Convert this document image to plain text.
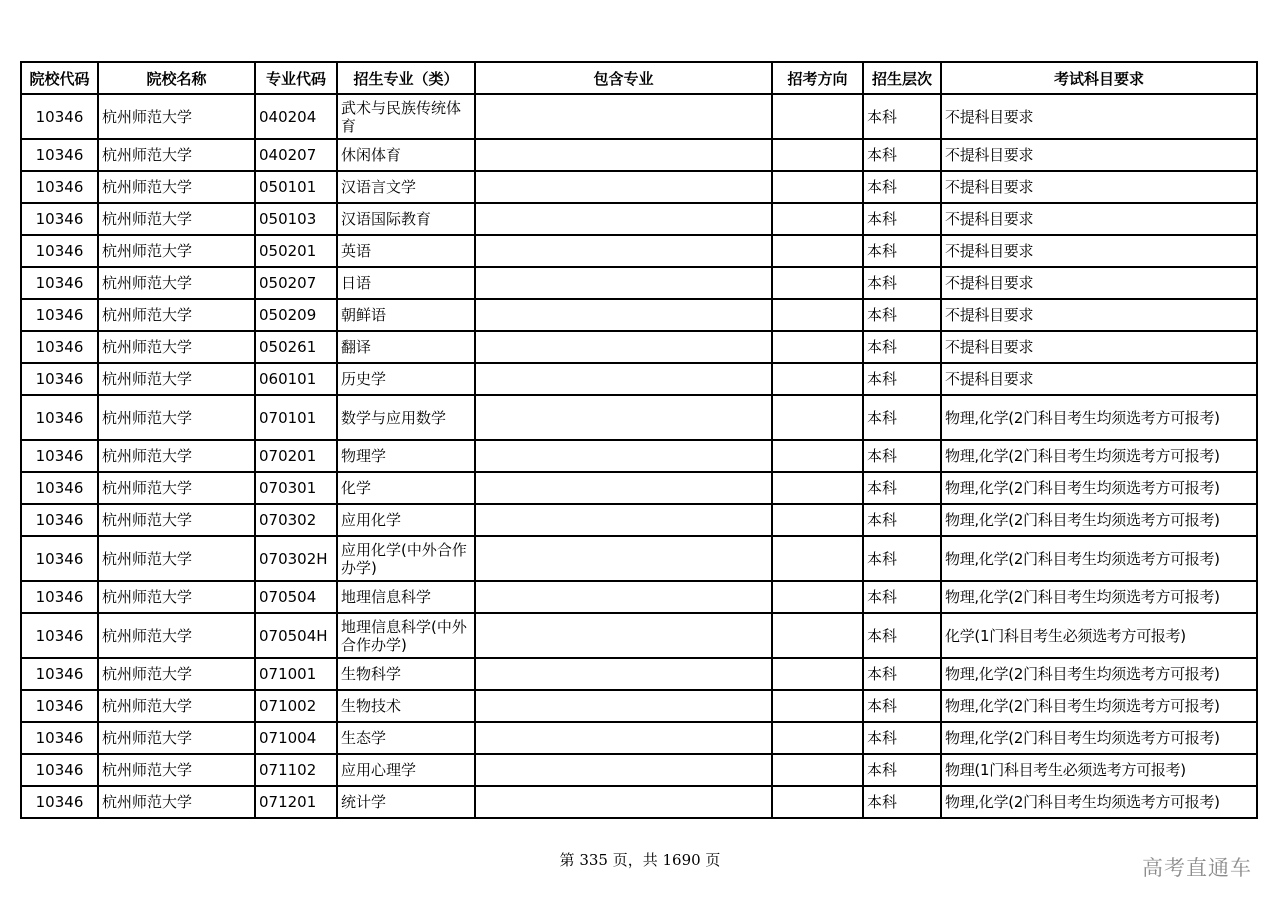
院校代码	院校名称	专业代码	招生专业（类）	包含专业	招考方向	招生层次	考试科目要求
10346	杭州师范大学	040204	武术与民族传统体育			本科	不提科目要求
10346	杭州师范大学	040207	休闲体育			本科	不提科目要求
10346	杭州师范大学	050101	汉语言文学			本科	不提科目要求
10346	杭州师范大学	050103	汉语国际教育			本科	不提科目要求
10346	杭州师范大学	050201	英语			本科	不提科目要求
10346	杭州师范大学	050207	日语			本科	不提科目要求
10346	杭州师范大学	050209	朝鲜语			本科	不提科目要求
10346	杭州师范大学	050261	翻译			本科	不提科目要求
10346	杭州师范大学	060101	历史学			本科	不提科目要求
10346	杭州师范大学	070101	数学与应用数学			本科	物理,化学(2门科目考生均须选考方可报考)
10346	杭州师范大学	070201	物理学			本科	物理,化学(2门科目考生均须选考方可报考)
10346	杭州师范大学	070301	化学			本科	物理,化学(2门科目考生均须选考方可报考)
10346	杭州师范大学	070302	应用化学			本科	物理,化学(2门科目考生均须选考方可报考)
10346	杭州师范大学	070302H	应用化学(中外合作办学)			本科	物理,化学(2门科目考生均须选考方可报考)
10346	杭州师范大学	070504	地理信息科学			本科	物理,化学(2门科目考生均须选考方可报考)
10346	杭州师范大学	070504H	地理信息科学(中外合作办学)			本科	化学(1门科目考生必须选考方可报考)
10346	杭州师范大学	071001	生物科学			本科	物理,化学(2门科目考生均须选考方可报考)
10346	杭州师范大学	071002	生物技术			本科	物理,化学(2门科目考生均须选考方可报考)
10346	杭州师范大学	071004	生态学			本科	物理,化学(2门科目考生均须选考方可报考)
10346	杭州师范大学	071102	应用心理学			本科	物理(1门科目考生必须选考方可报考)
10346	杭州师范大学	071201	统计学			本科	物理,化学(2门科目考生均须选考方可报考)
第 335 页，共 1690 页	高考直通车
